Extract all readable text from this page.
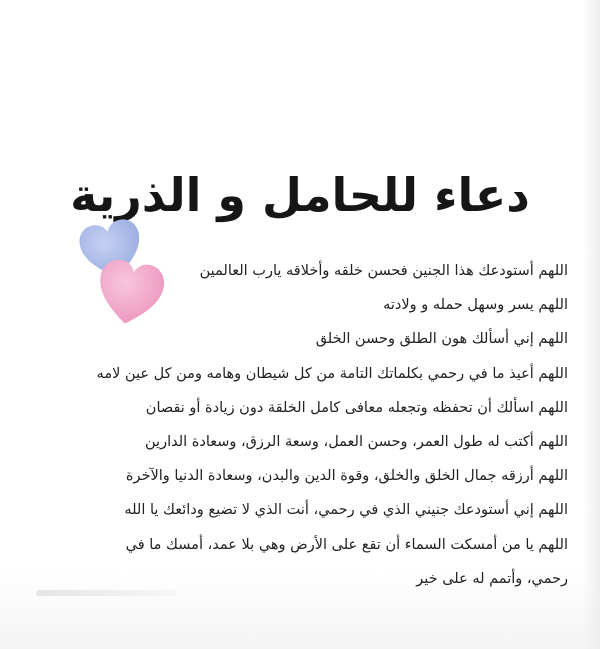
دعاء للحامل و الذرية
اللهم أستودعك هذا الجنين فحسن خلقه وأخلاقه يارب العالمين
اللهم يسر وسهل حمله و ولادته
اللهم إني أسألك هون الطلق وحسن الخلق
اللهم أعيذ ما في رحمي بكلماتك التامة من كل شيطان وهامه ومن كل عين لامه
اللهم اسألك أن تحفظه وتجعله معافى كامل الخلقة دون زيادة أو نقصان
اللهم أكتب له طول العمر، وحسن العمل، وسعة الرزق، وسعادة الدارين
اللهم أرزقه جمال الخلق والخلق، وقوة الدين والبدن، وسعادة الدنيا والآخرة
اللهم إني أستودعك جنيني الذي في رحمي، أنت الذي لا تضيع ودائعك يا الله
اللهم يا من أمسكت السماء أن تقع على الأرض وهي بلا عمد، أمسك ما في
رحمي، وأتمم له على خير
